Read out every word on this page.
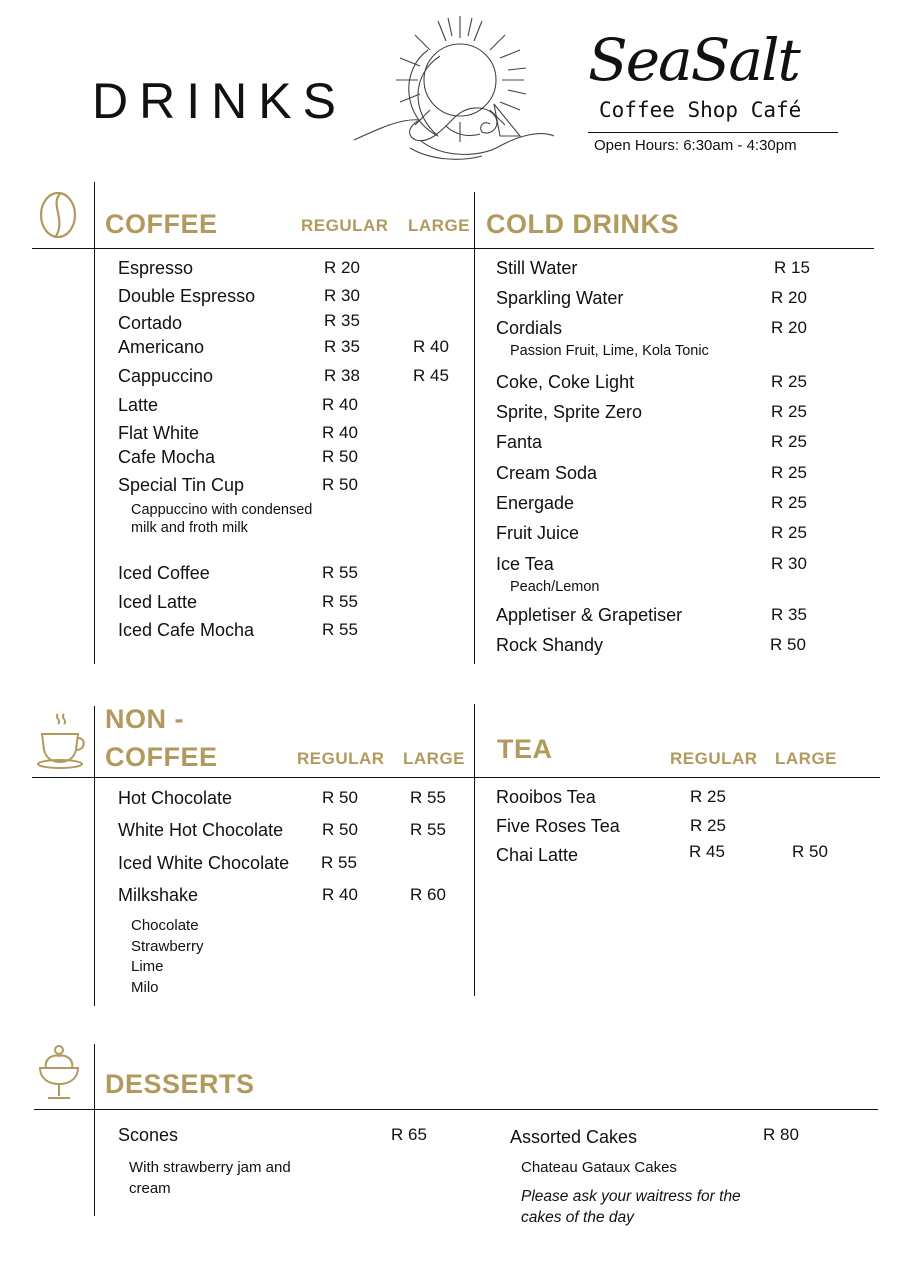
DRINKS
SeaSalt
Coffee Shop Café
Open Hours: 6:30am - 4:30pm
COFFEE	REGULAR LARGE
Espresso	R 20
Double Espresso	R 30
Cortado	R 35
Americano	R 35	R 40
Cappuccino	R 38	R 45
Latte	R 40
Flat White	R 40
Cafe Mocha	R 50
Special Tin Cup	R 50
Cappuccino with condensed milk and froth milk
Iced Coffee	R 55
Iced Latte	R 55
Iced Cafe Mocha	R 55
COLD DRINKS
Still Water	R 15
Sparkling Water	R 20
Cordials	R 20
Passion Fruit, Lime, Kola Tonic
Coke, Coke Light	R 25
Sprite, Sprite Zero	R 25
Fanta	R 25
Cream Soda	R 25
Energade	R 25
Fruit Juice	R 25
Ice Tea	R 30
Peach/Lemon
Appletiser & Grapetiser	R 35
Rock Shandy	R 50
NON -
COFFEE	REGULAR LARGE
Hot Chocolate	R 50	R 55
White Hot Chocolate R 50	R 55
Iced White Chocolate R 55
Milkshake	R 40	R 60
Chocolate
Strawberry
Lime
Milo
TEA	REGULAR LARGE
Rooibos Tea	R 25
Five Roses Tea	R 25
Chai Latte	R 45	R 50
DESSERTS
Scones	R 65
With strawberry jam and cream
Assorted Cakes	R 80
Chateau Gataux Cakes
Please ask your waitress for the cakes of the day
